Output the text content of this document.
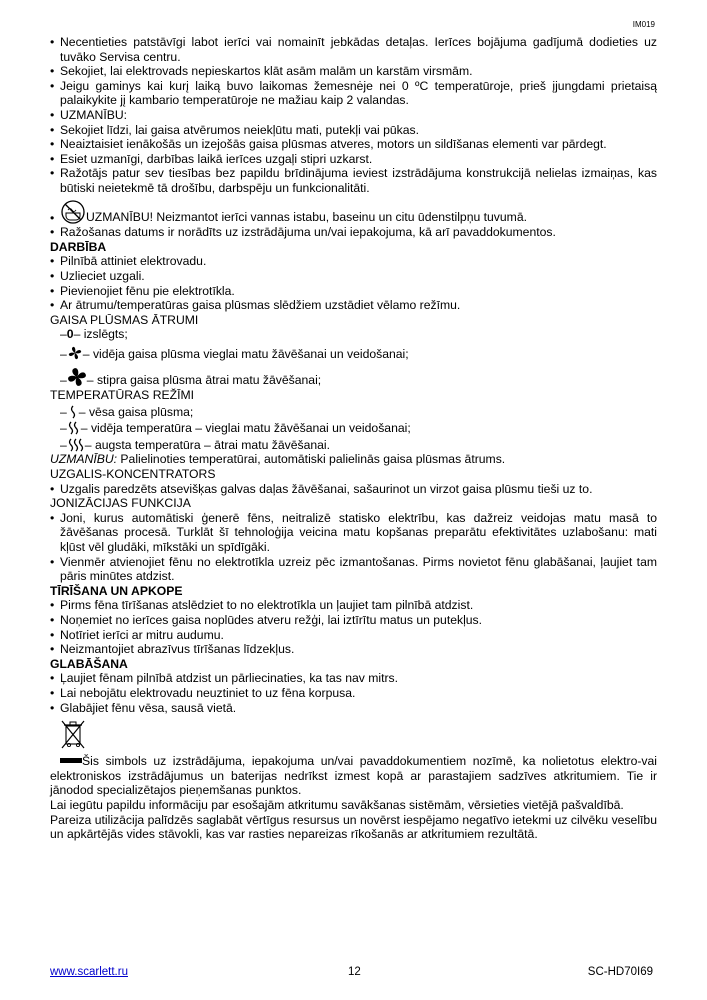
IM019
• Necentieties patstāvīgi labot ierīci vai nomainīt jebkādas detaļas. Ierīces bojājuma gadījumā dodieties uz tuvāko Servisa centru.
• Sekojiet, lai elektrovads nepieskartos klāt asām malām un karstām virsmām.
• Jeigu gaminys kai kurį laiką buvo laikomas žemesnėje nei 0 ºC temperatūroje, prieš įjungdami prietaisą palaikykite jį kambario temperatūroje ne mažiau kaip 2 valandas.
• UZMANĪBU:
• Sekojiet līdzi, lai gaisa atvērumos neiekļūtu mati, putekļi vai pūkas.
• Neaiztaisiet ienākošās un izejošās gaisa plūsmas atveres, motors un sildīšanas elementi var pārdegt.
• Esiet uzmanīgi, darbības laikā ierīces uzgaļi stipri uzkarst.
• Ražotājs patur sev tiesības bez papildu brīdinājuma ieviest izstrādājuma konstrukcijā nelielas izmaiņas, kas būtiski neietekmē tā drošību, darbspēju un funkcionalitāti.
•	UZMANĪBU! Neizmantot ierīci vannas istabu, baseinu un citu ūdenstilpņu tuvumā.
• Ražošanas datums ir norādīts uz izstrādājuma un/vai iepakojuma, kā arī pavaddokumentos.

DARBĪBA

• Pilnībā attiniet elektrovadu.
• Uzlieciet uzgali.
• Pievienojiet fēnu pie elektrotīkla.
• Ar ātrumu/temperatūras gaisa plūsmas slēdžiem uzstādiet vēlamo režīmu.

GAISA PLŪSMAS ĀTRUMI

–0– izslēgts;

– – vidēja gaisa plūsma vieglai matu žāvēšanai un veidošanai;

– – stipra gaisa plūsma ātrai matu žāvēšanai;

TEMPERATŪRAS REŽĪMI

– – vēsa gaisa plūsma;

– – vidēja temperatūra – vieglai matu žāvēšanai un veidošanai;

– – augsta temperatūra – ātrai matu žāvēšanai.

UZMANĪBU: Palielinoties temperatūrai, automātiski palielinās gaisa plūsmas ātrums.

UZGALIS-KONCENTRATORS

• Uzgalis paredzēts atsevišķas galvas daļas žāvēšanai, sašaurinot un virzot gaisa plūsmu tieši uz to.

JONIZĀCIJAS FUNKCIJA

• Joni, kurus automātiski ģenerē fēns, neitralizē statisko elektrību, kas dažreiz veidojas matu masā to žāvēšanas procesā. Turklāt šī tehnoloģija veicina matu kopšanas preparātu efektivitātes uzlabošanu: mati kļūst vēl gludāki, mīkstāki un spīdīgāki.
• Vienmēr atvienojiet fēnu no elektrotīkla uzreiz pēc izmantošanas. Pirms novietot fēnu glabāšanai, ļaujiet tam pāris minūtes atdzist.

TĪRĪŠANA UN APKOPE

• Pirms fēna tīrīšanas atslēdziet to no elektrotīkla un ļaujiet tam pilnībā atdzist.
• Noņemiet no ierīces gaisa noplūdes atveru režģi, lai iztīrītu matus un putekļus.
• Notīriet ierīci ar mitru audumu.
• Neizmantojiet abrazīvus tīrīšanas līdzekļus.

GLABĀŠANA

• Ļaujiet fēnam pilnībā atdzist un pārliecinaties, ka tas nav mitrs.
• Lai nebojātu elektrovadu neuztiniet to uz fēna korpusa.
• Glabājiet fēnu vēsa, sausā vietā.

Šis simbols uz izstrādājuma, iepakojuma un/vai pavaddokumentiem nozīmē, ka nolietotus elektro-vai elektroniskos izstrādājumus un baterijas nedrīkst izmest kopā ar parastajiem sadzīves atkritumiem. Tie ir jānodod specializētajos pieņemšanas punktos.

Lai iegūtu papildu informāciju par esošajām atkritumu savākšanas sistēmām, vērsieties vietējā pašvaldībā.

Pareiza utilizācija palīdzēs saglabāt vērtīgus resursus un novērst iespējamo negatīvo ietekmi uz cilvēku veselību un apkārtējās vides stāvokli, kas var rasties nepareizas rīkošanās ar atkritumiem rezultātā.

www.scarlett.ru	12	SC-HD70I69
